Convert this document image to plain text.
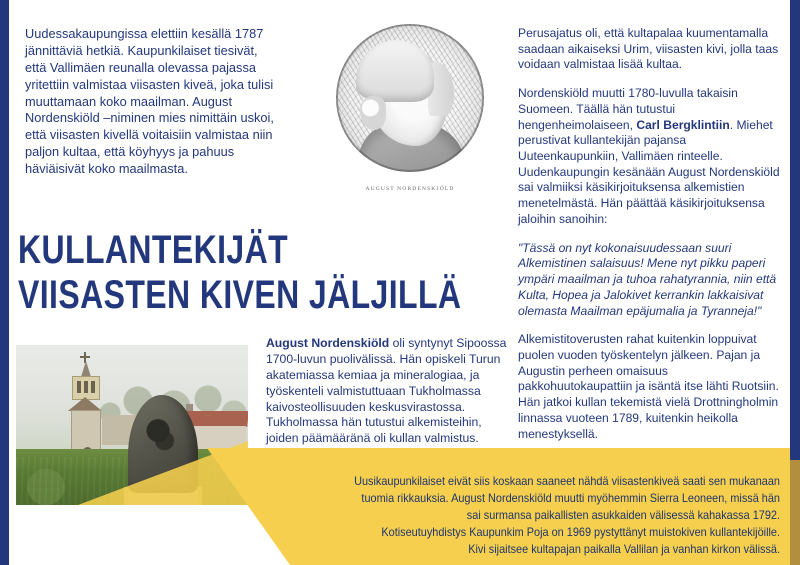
Uudessakaupungissa elettiin kesällä 1787 jännittäviä hetkiä. Kaupunkilaiset tiesivät, että Vallimäen reunalla olevassa pajassa yritettiin valmistaa viisasten kiveä, joka tulisi muuttamaan koko maailman. August Nordenskiöld –niminen mies nimittäin uskoi, että viisasten kivellä voitaisiin valmistaa niin paljon kultaa, että köyhyys ja pahuus häviäisivät koko maailmasta.

KULLANTEKIJÄT
VIISASTEN KIVEN JÄLJILLÄ
AUGUST NORDENSKJÖLD

August Nordenskiöld oli syntynyt Sipoossa 1700-luvun puolivälissä. Hän opiskeli Turun akatemiassa kemiaa ja mineralogiaa, ja työskenteli valmistuttuaan Tukholmassa kaivosteollisuuden keskusvirastossa. Tukholmassa hän tutustui alkemisteihin, joiden päämääränä oli kullan valmistus.

Perusajatus oli, että kultapalaa kuumentamalla saadaan aikaiseksi Urim, viisasten kivi, jolla taas voidaan valmistaa lisää kultaa.

Nordenskiöld muutti 1780-luvulla takaisin Suomeen. Täällä hän tutustui hengenheimolaiseen, Carl Bergklintiin. Miehet perustivat kullantekijän pajansa Uuteenkaupunkiin, Vallimäen rinteelle. Uudenkaupungin kesänään August Nordenskiöld sai valmiiksi käsikirjoituksensa alkemistien menetelmästä. Hän päättää käsikirjoituksensa jaloihin sanoihin:

"Tässä on nyt kokonaisuudessaan suuri Alkemistinen salaisuus! Mene nyt pikku paperi ympäri maailman ja tuhoa rahatyrannia, niin että Kulta, Hopea ja Jalokivet kerrankin lakkaisivat olemasta Maailman epäjumalia ja Tyranneja!"

Alkemistitoverusten rahat kuitenkin loppuivat puolen vuoden työskentelyn jälkeen. Pajan ja Augustin perheen omaisuus pakkohuutokaupattiin ja isäntä itse lähti Ruotsiin. Hän jatkoi kullan tekemistä vielä Drottningholmin linnassa vuoteen 1789, kuitenkin heikolla menestyksellä.

Uusikaupunkilaiset eivät siis koskaan saaneet nähdä viisastenkiveä saati sen mukanaan

tuomia rikkauksia. August Nordenskiöld muutti myöhemmin Sierra Leoneen, missä hän

sai surmansa paikallisten asukkaiden välisessä kahakassa 1792.

Kotiseutuyhdistys Kaupunkim Poja on 1969 pystyttänyt muistokiven kullantekijöille.

Kivi sijaitsee kultapajan paikalla Vallilan ja vanhan kirkon välissä.
